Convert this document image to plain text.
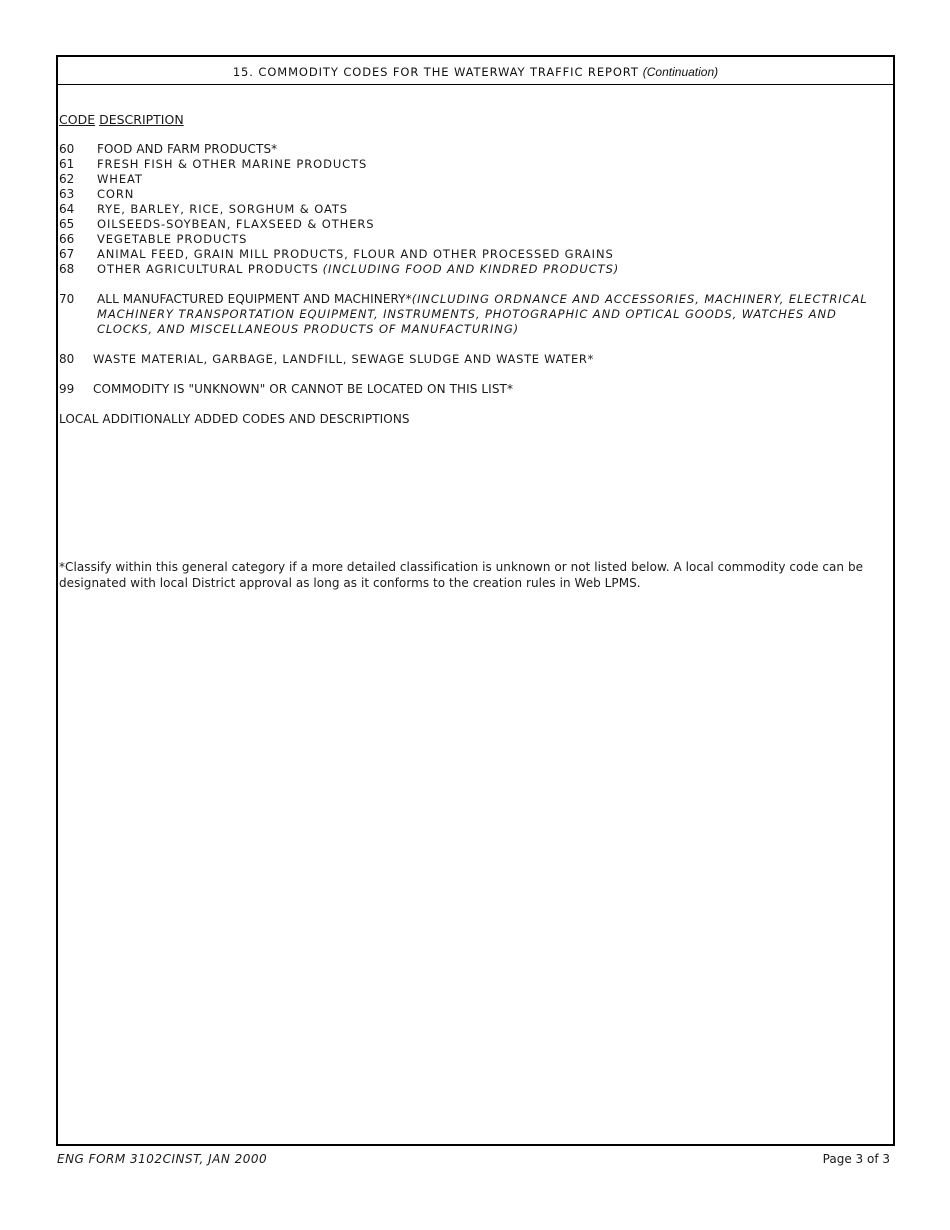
15. COMMODITY CODES FOR THE WATERWAY TRAFFIC REPORT (Continuation)
CODE DESCRIPTION
60	FOOD AND FARM PRODUCTS*
61	FRESH FISH & OTHER MARINE PRODUCTS
62	WHEAT
63	CORN
64	RYE, BARLEY, RICE, SORGHUM & OATS
65	OILSEEDS-SOYBEAN, FLAXSEED & OTHERS
66	VEGETABLE PRODUCTS
67	ANIMAL FEED, GRAIN MILL PRODUCTS, FLOUR AND OTHER PROCESSED GRAINS
68	OTHER AGRICULTURAL PRODUCTS (INCLUDING FOOD AND KINDRED PRODUCTS)
70	ALL MANUFACTURED EQUIPMENT AND MACHINERY*(INCLUDING ORDNANCE AND ACCESSORIES, MACHINERY, ELECTRICAL MACHINERY TRANSPORTATION EQUIPMENT, INSTRUMENTS, PHOTOGRAPHIC AND OPTICAL GOODS, WATCHES AND CLOCKS, AND MISCELLANEOUS PRODUCTS OF MANUFACTURING)
80	WASTE MATERIAL, GARBAGE, LANDFILL, SEWAGE SLUDGE AND WASTE WATER*
99	COMMODITY IS "UNKNOWN" OR CANNOT BE LOCATED ON THIS LIST*
LOCAL ADDITIONALLY ADDED CODES AND DESCRIPTIONS
*Classify within this general category if a more detailed classification is unknown or not listed below. A local commodity code can be designated with local District approval as long as it conforms to the creation rules in Web LPMS.
ENG FORM 3102CINST, JAN 2000	Page 3 of 3
